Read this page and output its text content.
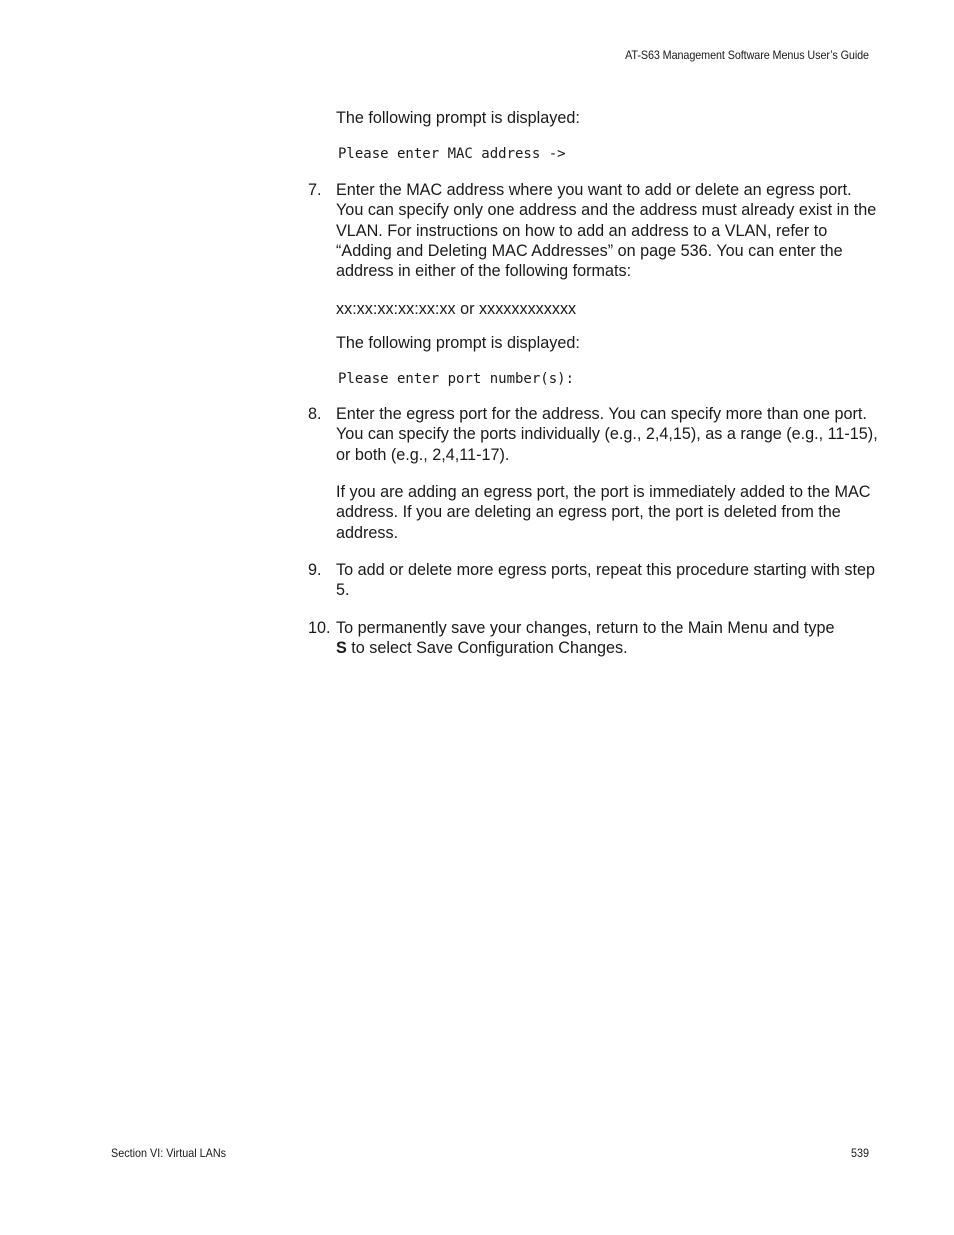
AT-S63 Management Software Menus User’s Guide
The following prompt is displayed:
Please enter MAC address ->
7. Enter the MAC address where you want to add or delete an egress port. You can specify only one address and the address must already exist in the VLAN. For instructions on how to add an address to a VLAN, refer to “Adding and Deleting MAC Addresses” on page 536. You can enter the address in either of the following formats:
xx:xx:xx:xx:xx:xx or xxxxxxxxxxxx
The following prompt is displayed:
Please enter port number(s):
8. Enter the egress port for the address. You can specify more than one port. You can specify the ports individually (e.g., 2,4,15), as a range (e.g., 11-15), or both (e.g., 2,4,11-17).
If you are adding an egress port, the port is immediately added to the MAC address. If you are deleting an egress port, the port is deleted from the address.
9. To add or delete more egress ports, repeat this procedure starting with step 5.
10. To permanently save your changes, return to the Main Menu and type
S to select Save Configuration Changes.
Section VI: Virtual LANs	539
